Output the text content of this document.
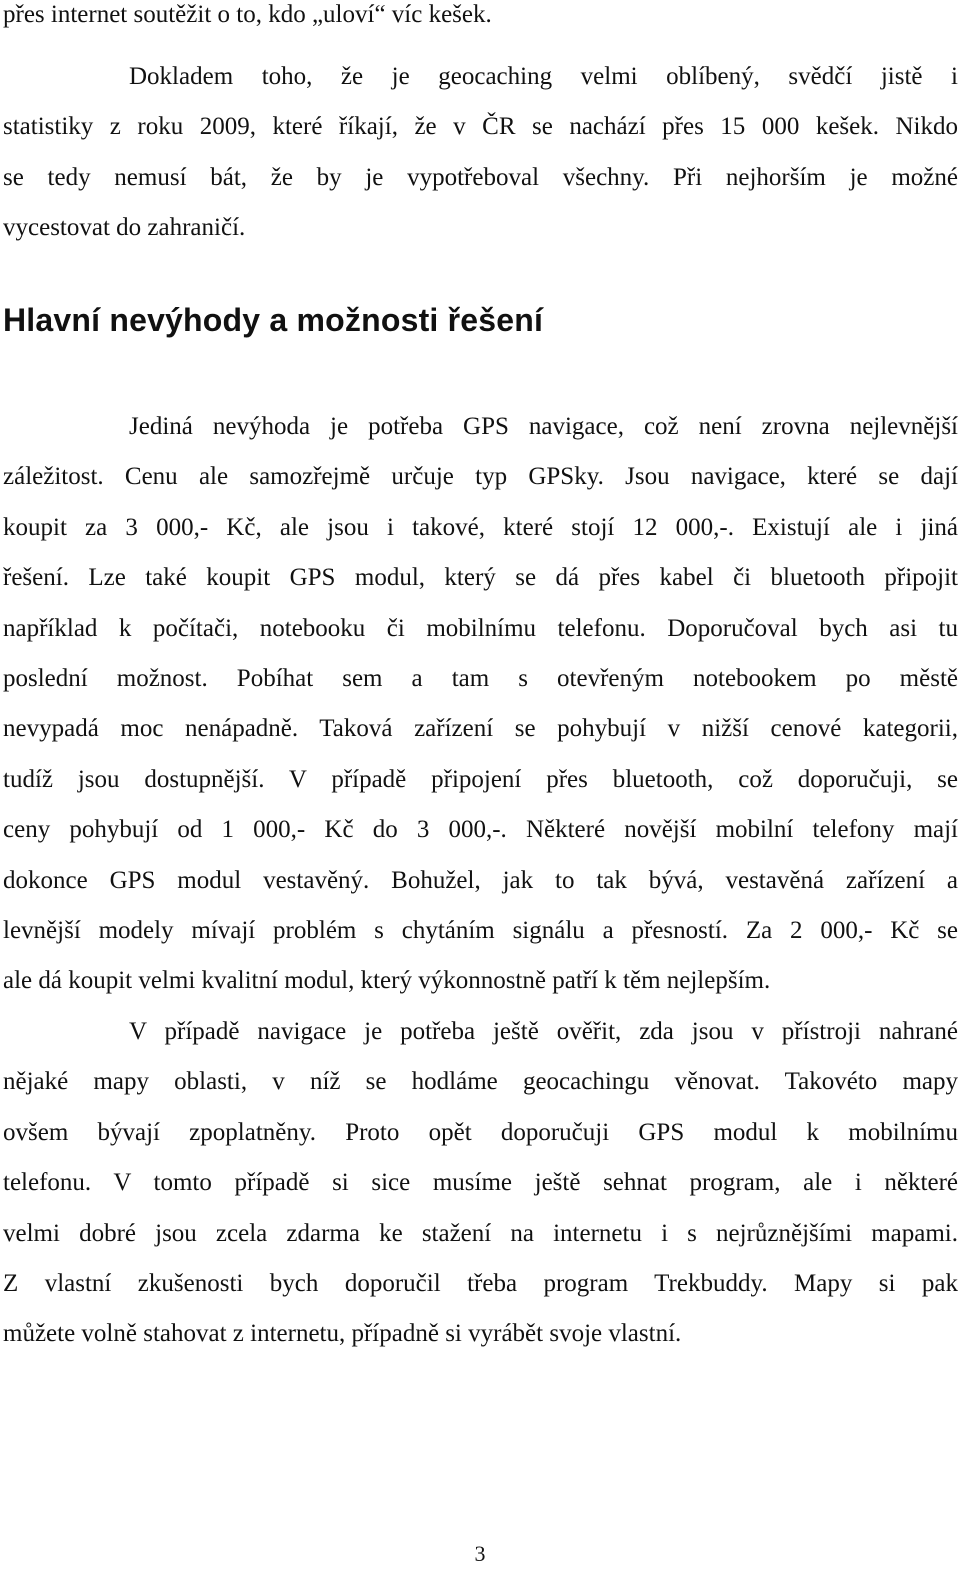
přes internet soutěžit o to, kdo „uloví“ víc kešek.
Dokladem toho, že je geocaching velmi oblíbený, svědčí jistě i
statistiky z roku 2009, které říkají, že v ČR se nachází přes 15 000 kešek. Nikdo
se tedy nemusí bát, že by je vypotřeboval všechny. Při nejhorším je možné
vycestovat do zahraničí.
Hlavní nevýhody a možnosti řešení
Jediná nevýhoda je potřeba GPS navigace, což není zrovna nejlevnější
záležitost. Cenu ale samozřejmě určuje typ GPSky. Jsou navigace, které se dají
koupit za 3 000,- Kč, ale jsou i takové, které stojí 12 000,-. Existují ale i jiná
řešení. Lze také koupit GPS modul, který se dá přes kabel či bluetooth připojit
například k počítači, notebooku či mobilnímu telefonu. Doporučoval bych asi tu
poslední možnost. Pobíhat sem a tam s otevřeným notebookem po městě
nevypadá moc nenápadně. Taková zařízení se pohybují v nižší cenové kategorii,
tudíž jsou dostupnější. V případě připojení přes bluetooth, což doporučuji, se
ceny pohybují od 1 000,- Kč do 3 000,-. Některé novější mobilní telefony mají
dokonce GPS modul vestavěný. Bohužel, jak to tak bývá, vestavěná zařízení a
levnější modely mívají problém s chytáním signálu a přesností. Za 2 000,- Kč se
ale dá koupit velmi kvalitní modul, který výkonnostně patří k těm nejlepším.
V případě navigace je potřeba ještě ověřit, zda jsou v přístroji nahrané
nějaké mapy oblasti, v níž se hodláme geocachingu věnovat. Takovéto mapy
ovšem bývají zpoplatněny. Proto opět doporučuji GPS modul k mobilnímu
telefonu. V tomto případě si sice musíme ještě sehnat program, ale i některé
velmi dobré jsou zcela zdarma ke stažení na internetu i s nejrůznějšími mapami.
Z vlastní zkušenosti bych doporučil třeba program Trekbuddy. Mapy si pak
můžete volně stahovat z internetu, případně si vyrábět svoje vlastní.
3
